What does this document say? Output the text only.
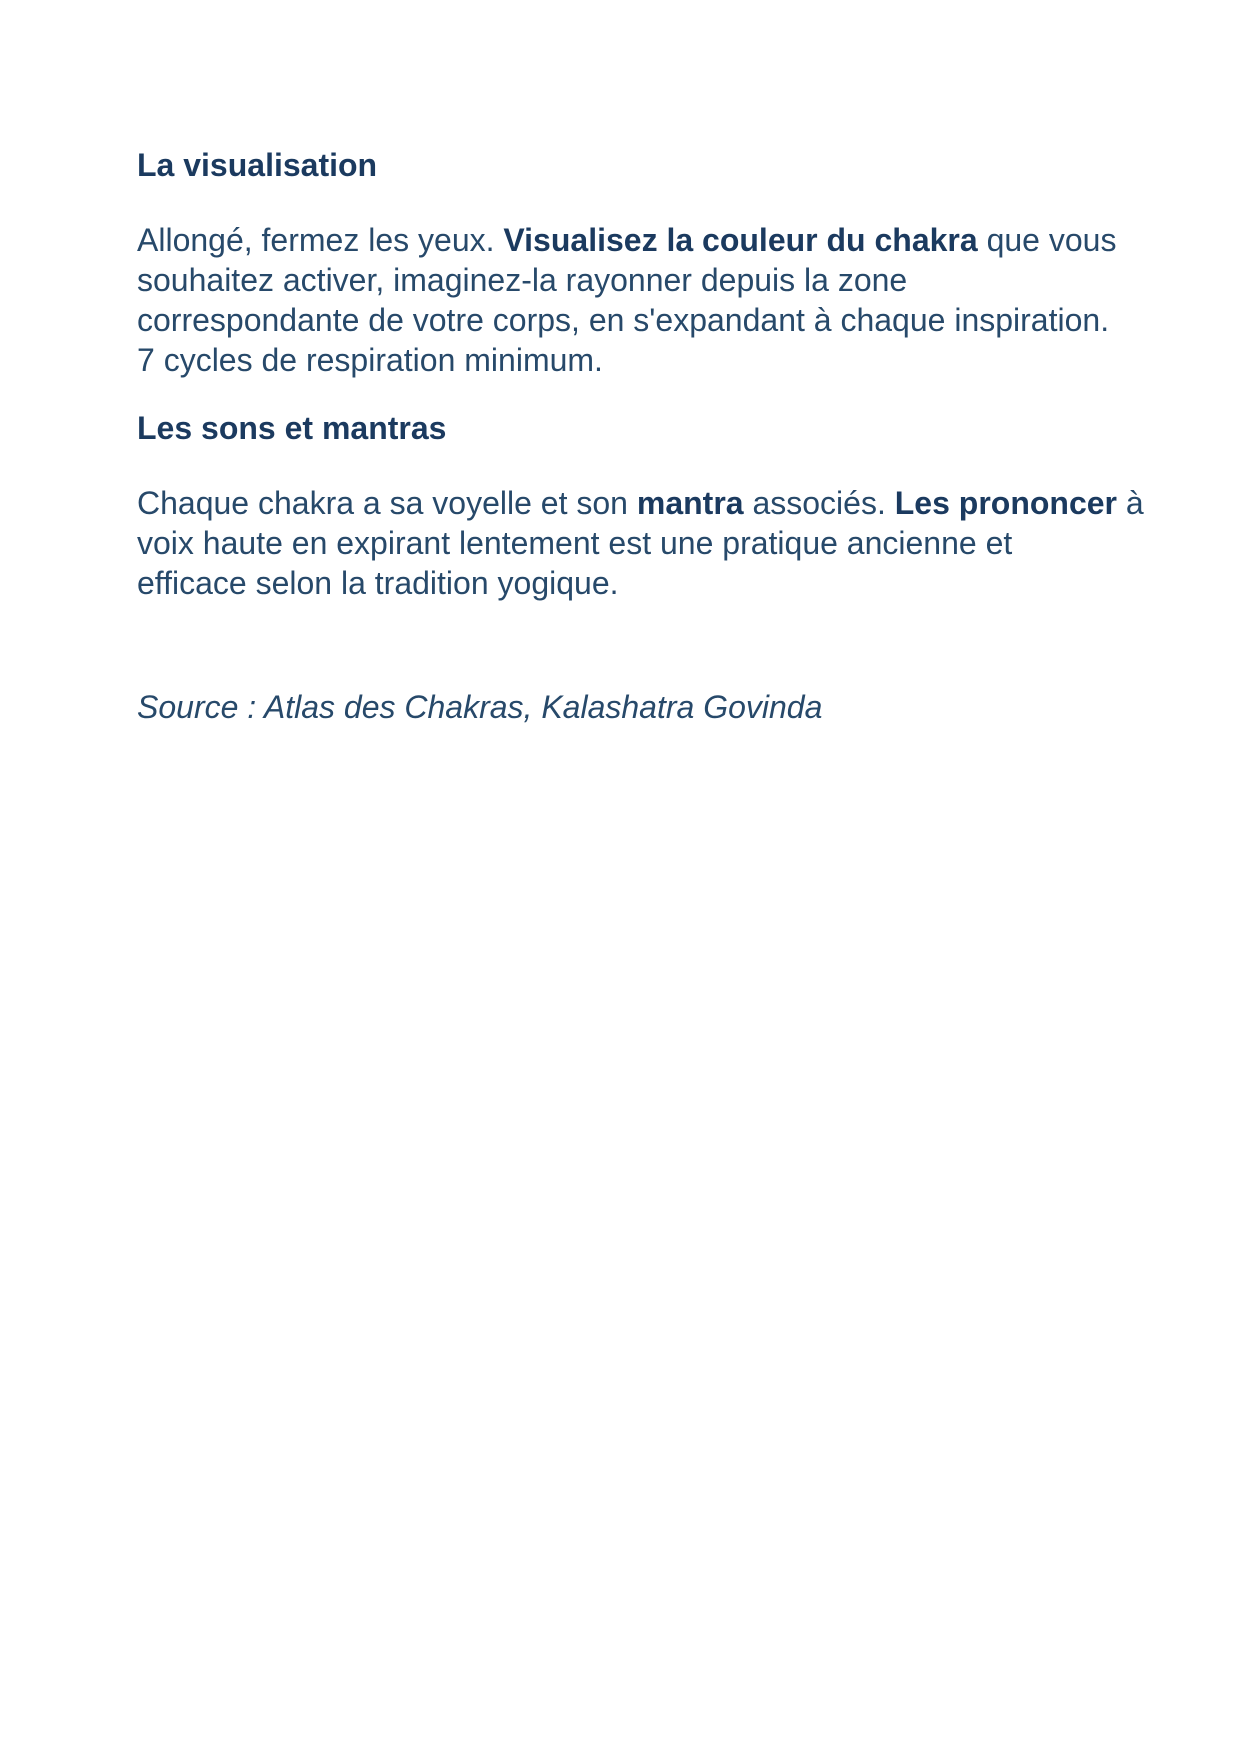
La visualisation

Allongé, fermez les yeux. Visualisez la couleur du chakra que vous
souhaitez activer, imaginez-la rayonner depuis la zone
correspondante de votre corps, en s'expandant à chaque inspiration.
7 cycles de respiration minimum.

Les sons et mantras

Chaque chakra a sa voyelle et son mantra associés. Les prononcer à
voix haute en expirant lentement est une pratique ancienne et
efficace selon la tradition yogique.

Source : Atlas des Chakras, Kalashatra Govinda
